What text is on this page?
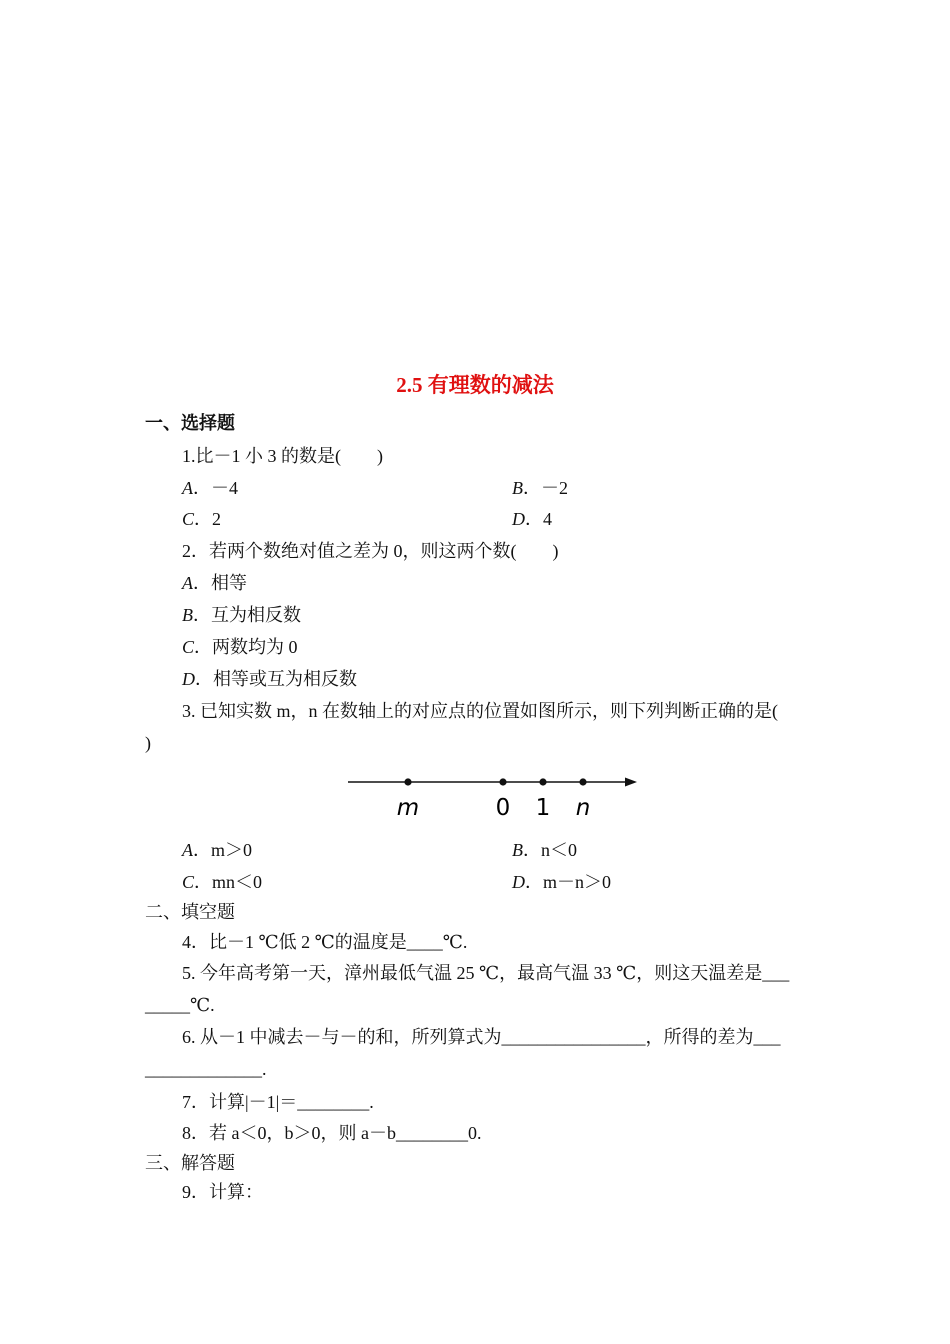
2.5 有理数的减法
一、选择题
1.比－1 小 3 的数是(　　)
A．－4	B．－2
C．2	D．4
2．若两个数绝对值之差为 0，则这两个数(　　)
A．相等
B．互为相反数
C．两数均为 0
D．相等或互为相反数
3. 已知实数 m，n 在数轴上的对应点的位置如图所示，则下列判断正确的是(
)
m	0 1 n
A．m＞0	B．n＜0
C．mn＜0	D．m－n＞0
二、填空题
4．比－1 ℃低 2 ℃的温度是____℃.
5. 今年高考第一天，漳州最低气温 25 ℃，最高气温 33 ℃，则这天温差是___
_____℃.
6. 从－1 中减去－与－的和，所列算式为________________，所得的差为___
_____________.
7．计算|－1|＝________.
8．若 a＜0，b＞0，则 a－b________0.
三、解答题
9．计算：
